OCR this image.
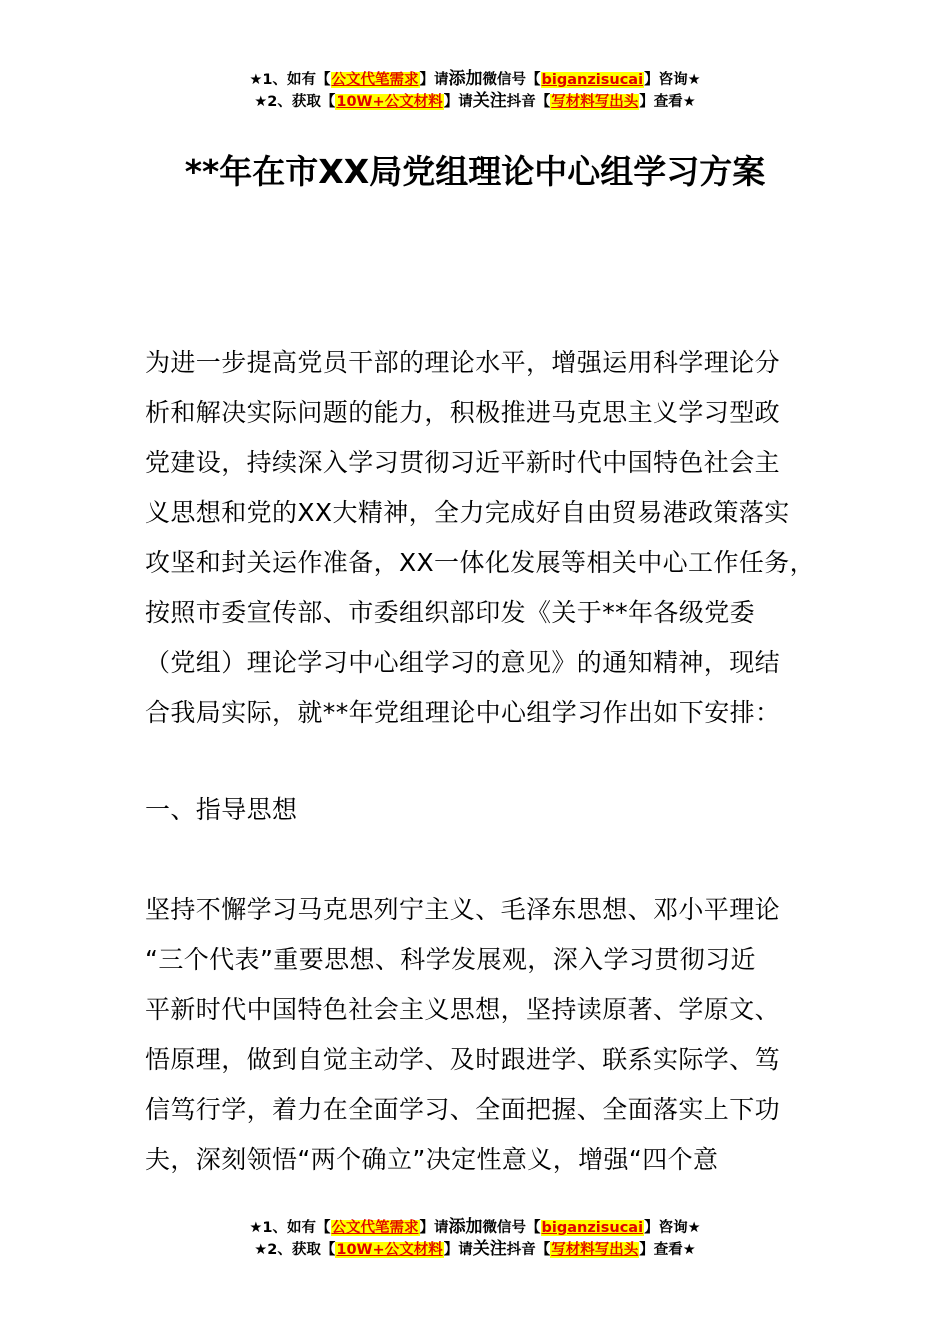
★1、如有【公文代笔需求】请添加微信号【biganzisucai】咨询★
★2、获取【10W+公文材料】请关注抖音【写材料写出头】查看★
**年在市XX局党组理论中心组学习方案
为进一步提高党员干部的理论水平，增强运用科学理论分
析和解决实际问题的能力，积极推进马克思主义学习型政
党建设，持续深入学习贯彻习近平新时代中国特色社会主
义思想和党的XX大精神，全力完成好自由贸易港政策落实
攻坚和封关运作准备，XX一体化发展等相关中心工作任务，
按照市委宣传部、市委组织部印发《关于**年各级党委
（党组）理论学习中心组学习的意见》的通知精神，现结
合我局实际，就**年党组理论中心组学习作出如下安排：
一、指导思想
坚持不懈学习马克思列宁主义、毛泽东思想、邓小平理论
“三个代表”重要思想、科学发展观，深入学习贯彻习近
平新时代中国特色社会主义思想，坚持读原著、学原文、
悟原理，做到自觉主动学、及时跟进学、联系实际学、笃
信笃行学，着力在全面学习、全面把握、全面落实上下功
夫，深刻领悟“两个确立”决定性意义，增强“四个意
★1、如有【公文代笔需求】请添加微信号【biganzisucai】咨询★
★2、获取【10W+公文材料】请关注抖音【写材料写出头】查看★
